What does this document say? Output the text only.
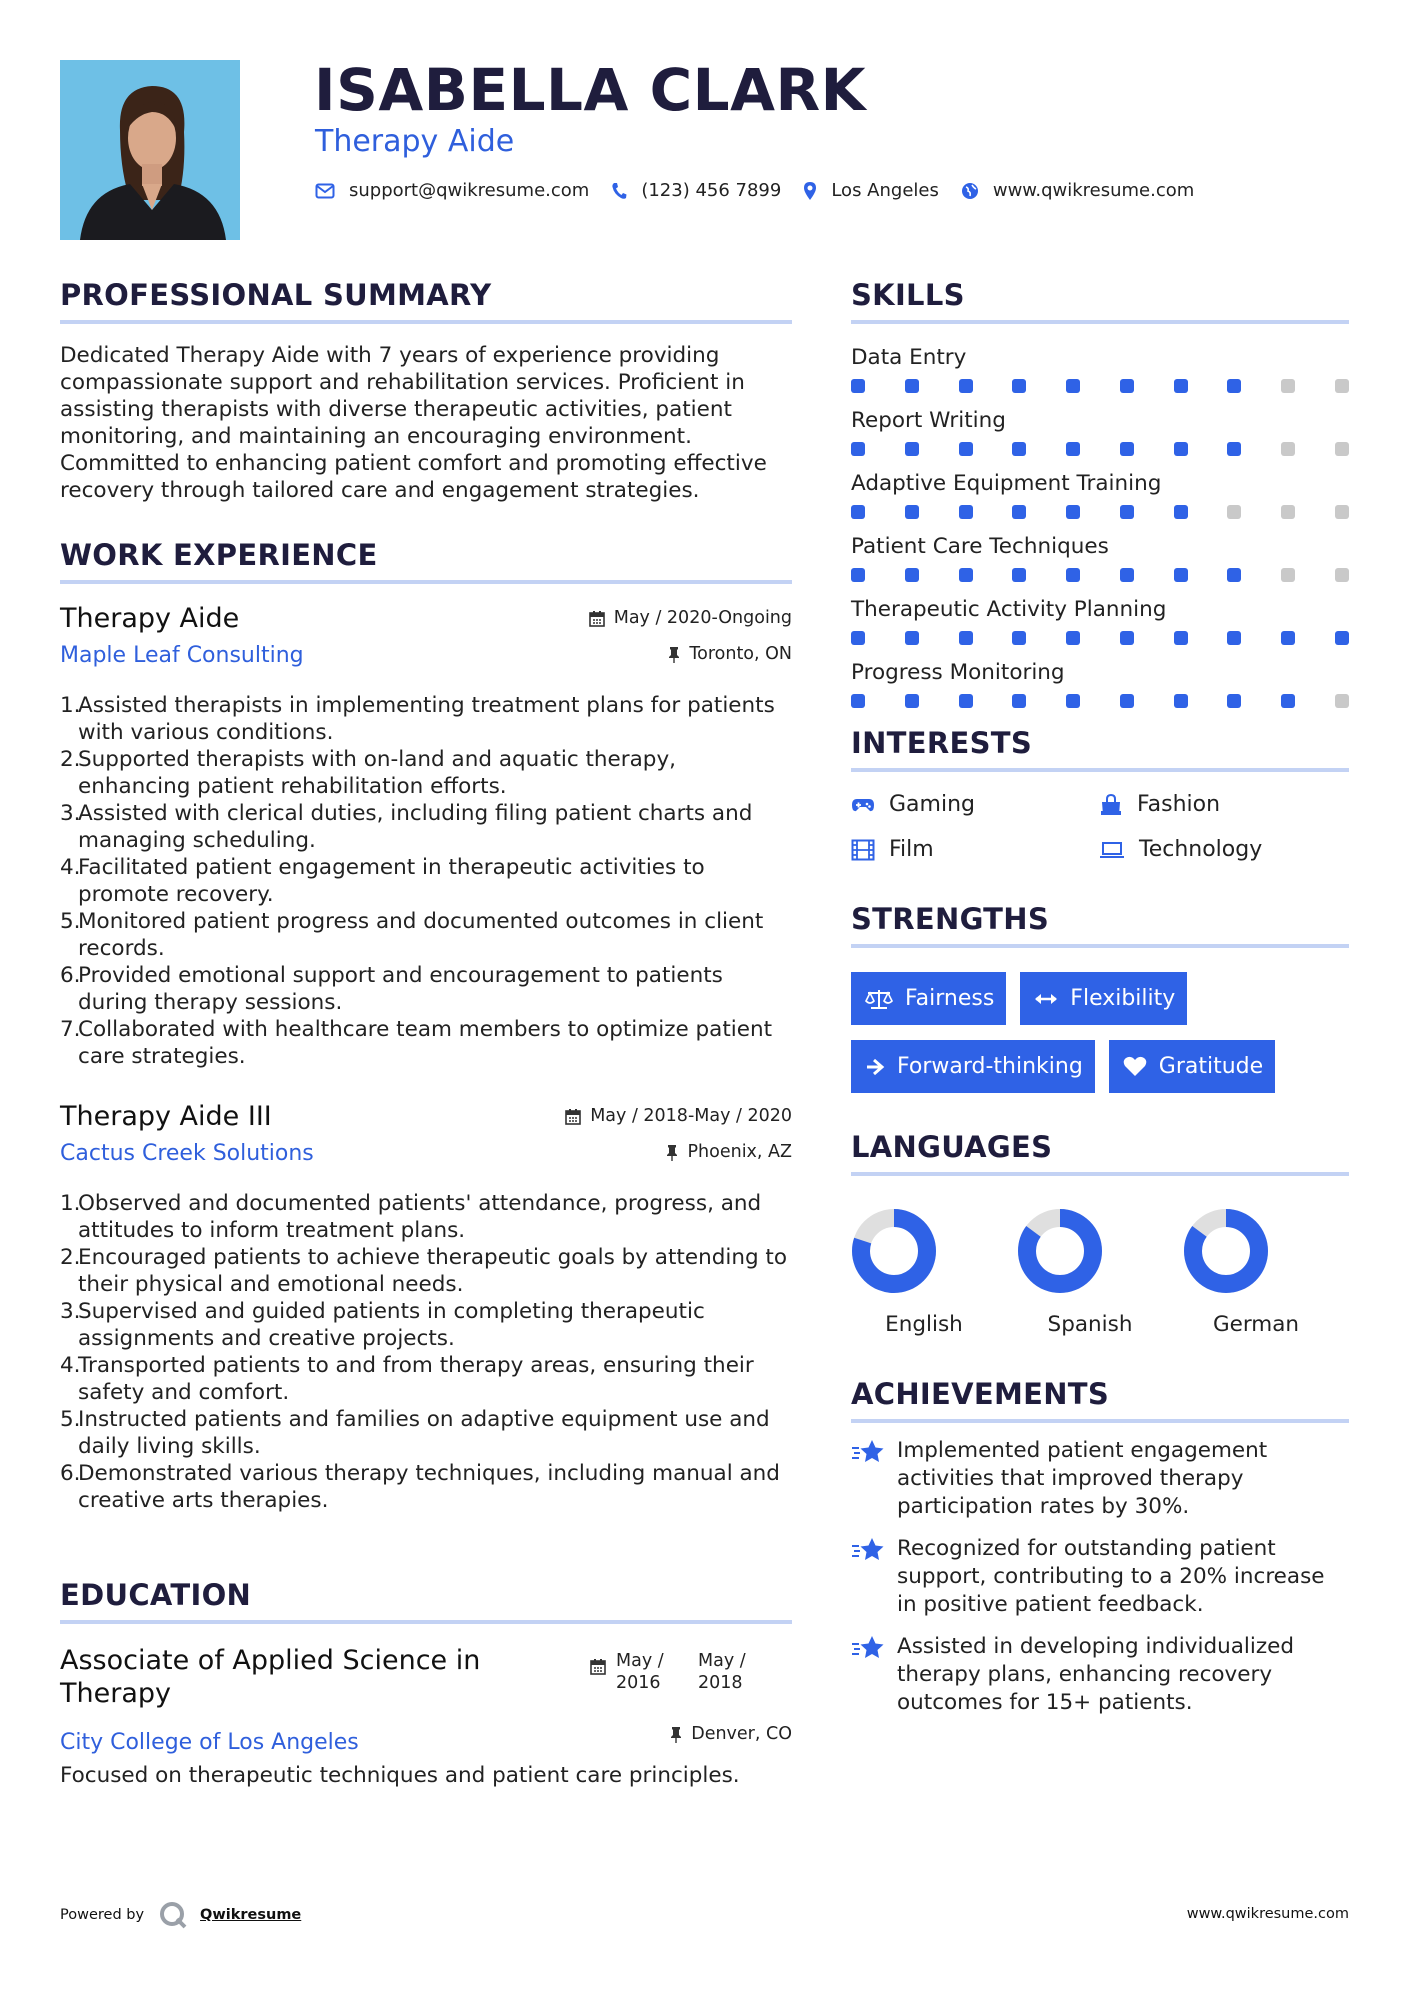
ISABELLA CLARK
Therapy Aide
support@qwikresume.com	(123) 456 7899	Los Angeles	www.qwikresume.com
PROFESSIONAL SUMMARY
Dedicated Therapy Aide with 7 years of experience providing compassionate support and rehabilitation services. Proficient in assisting therapists with diverse therapeutic activities, patient monitoring, and maintaining an encouraging environment. Committed to enhancing patient comfort and promoting effective recovery through tailored care and engagement strategies.
WORK EXPERIENCE
Therapy Aide
Maple Leaf Consulting
May / 2020-Ongoing
Toronto, ON
1.
Assisted therapists in implementing treatment plans for patients with various conditions.
2.
Supported therapists with on-land and aquatic therapy, enhancing patient rehabilitation efforts.
3.
Assisted with clerical duties, including filing patient charts and managing scheduling.
4.
Facilitated patient engagement in therapeutic activities to promote recovery.
5.
Monitored patient progress and documented outcomes in client records.
6.
Provided emotional support and encouragement to patients during therapy sessions.
7.
Collaborated with healthcare team members to optimize patient care strategies.
Therapy Aide III
Cactus Creek Solutions
May / 2018-May / 2020
Phoenix, AZ
1.
Observed and documented patients' attendance, progress, and attitudes to inform treatment plans.
2.
Encouraged patients to achieve therapeutic goals by attending to their physical and emotional needs.
3.
Supervised and guided patients in completing therapeutic assignments and creative projects.
4.
Transported patients to and from therapy areas, ensuring their safety and comfort.
5.
Instructed patients and families on adaptive equipment use and daily living skills.
6.
Demonstrated various therapy techniques, including manual and creative arts therapies.
EDUCATION
Associate of Applied Science in Therapy
City College of Los Angeles
May / 2016
May / 2018
Denver, CO
Focused on therapeutic techniques and patient care principles.
SKILLS
Data Entry
Report Writing
Adaptive Equipment Training
Patient Care Techniques
Therapeutic Activity Planning
Progress Monitoring
INTERESTS
Gaming	Fashion
Film	Technology
STRENGTHS
Fairness	Flexibility
Forward-thinking	Gratitude
LANGUAGES
English	Spanish	German
ACHIEVEMENTS
Implemented patient engagement activities that improved therapy participation rates by 30%.
Recognized for outstanding patient support, contributing to a 20% increase in positive patient feedback.
Assisted in developing individualized therapy plans, enhancing recovery outcomes for 15+ patients.
Powered by	Qwikresume	www.qwikresume.com
